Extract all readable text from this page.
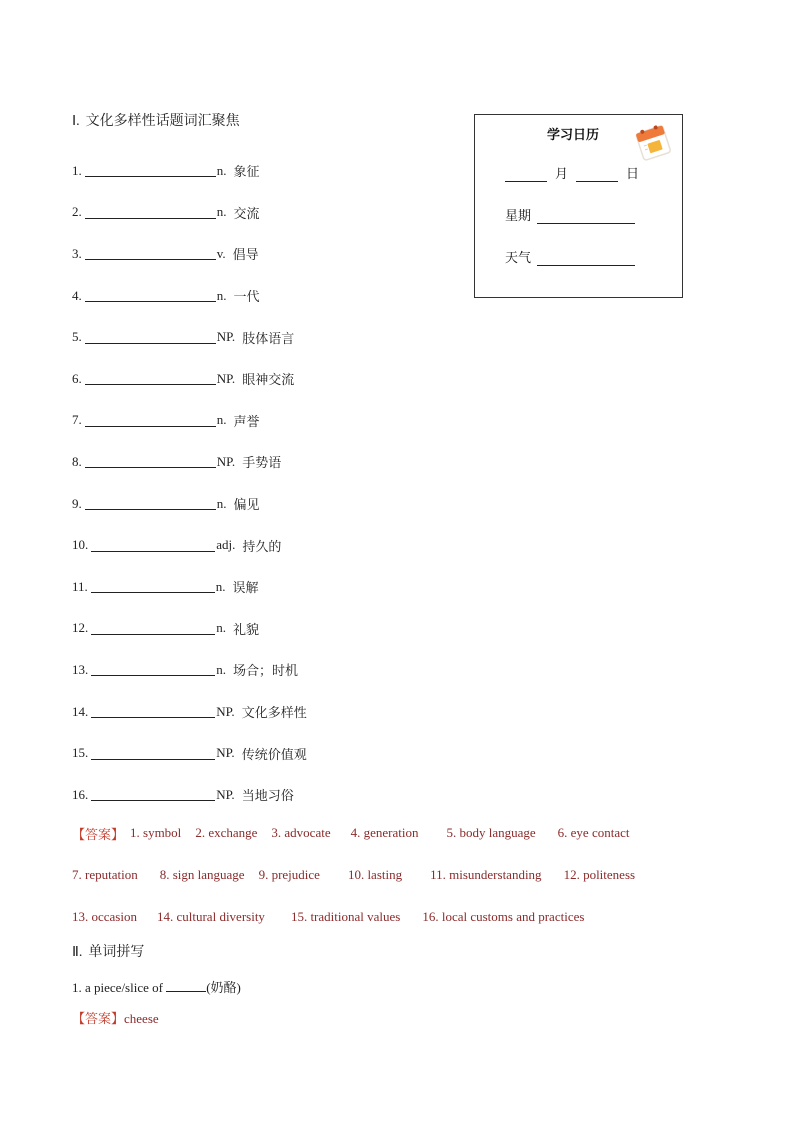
Ⅰ. 文化多样性话题词汇聚焦
1.	n. 象征
2.	n. 交流
3.	v. 倡导
4.	n. 一代
5.	NP. 肢体语言
6.	NP. 眼神交流
7.	n. 声誉
8.	NP. 手势语
9.	n. 偏见
10.	adj. 持久的
11.	n. 误解
12.	n. 礼貌
13.	n. 场合；时机
14.	NP. 文化多样性
15.	NP. 传统价值观
16.	NP. 当地习俗
【答案】 1. symbol 2. exchange 3. advocate 4. generation 5. body language 6. eye contact
7. reputation 8. sign language 9. prejudice 10. lasting 11. misunderstanding 12. politeness
13. occasion 14. cultural diversity 15. traditional values 16. local customs and practices
Ⅱ. 单词拼写
1. a piece/slice of	(奶酪)
【答案】cheese
学习日历
月	日
星期
天气
